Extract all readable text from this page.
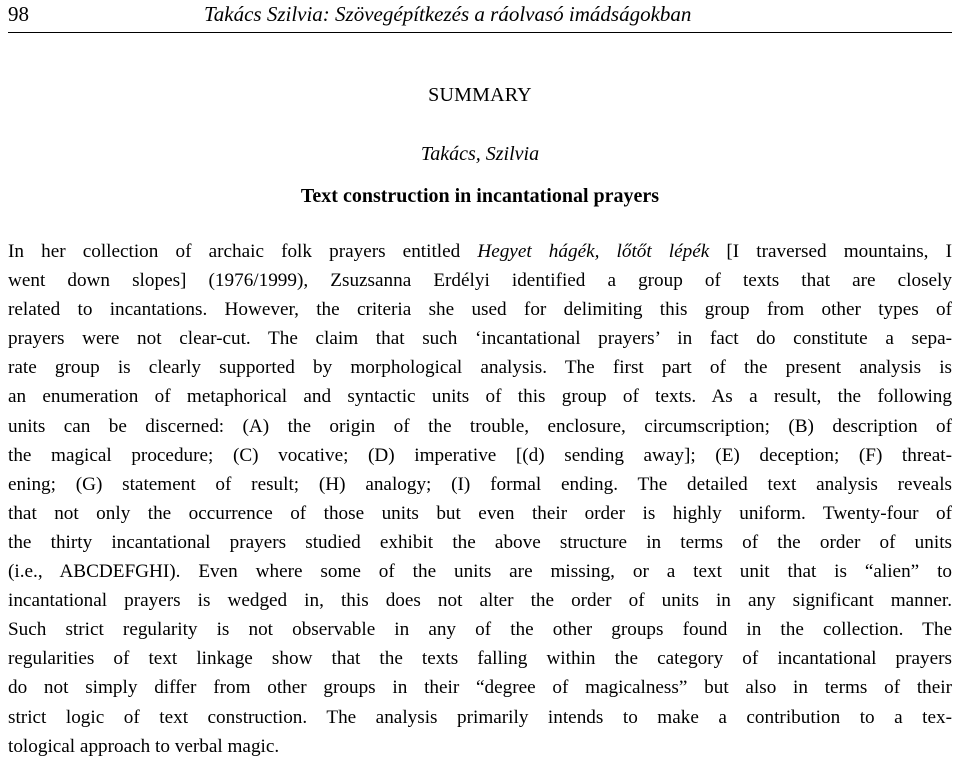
98	Takács Szilvia: Szövegépítkezés a ráolvasó imádságokban
SUMMARY
Takács, Szilvia
Text construction in incantational prayers
In her collection of archaic folk prayers entitled Hegyet hágék, lőtőt lépék [I traversed mountains, I
went down slopes] (1976/1999), Zsuzsanna Erdélyi identified a group of texts that are closely
related to incantations. However, the criteria she used for delimiting this group from other types of
prayers were not clear-cut. The claim that such ‘incantational prayers’ in fact do constitute a sepa-
rate group is clearly supported by morphological analysis. The first part of the present analysis is
an enumeration of metaphorical and syntactic units of this group of texts. As a result, the following
units can be discerned: (A) the origin of the trouble, enclosure, circumscription; (B) description of
the magical procedure; (C) vocative; (D) imperative [(d) sending away]; (E) deception; (F) threat-
ening; (G) statement of result; (H) analogy; (I) formal ending. The detailed text analysis reveals
that not only the occurrence of those units but even their order is highly uniform. Twenty-four of
the thirty incantational prayers studied exhibit the above structure in terms of the order of units
(i.e., ABCDEFGHI). Even where some of the units are missing, or a text unit that is “alien” to
incantational prayers is wedged in, this does not alter the order of units in any significant manner.
Such strict regularity is not observable in any of the other groups found in the collection. The
regularities of text linkage show that the texts falling within the category of incantational prayers
do not simply differ from other groups in their “degree of magicalness” but also in terms of their
strict logic of text construction. The analysis primarily intends to make a contribution to a tex-
tological approach to verbal magic.
